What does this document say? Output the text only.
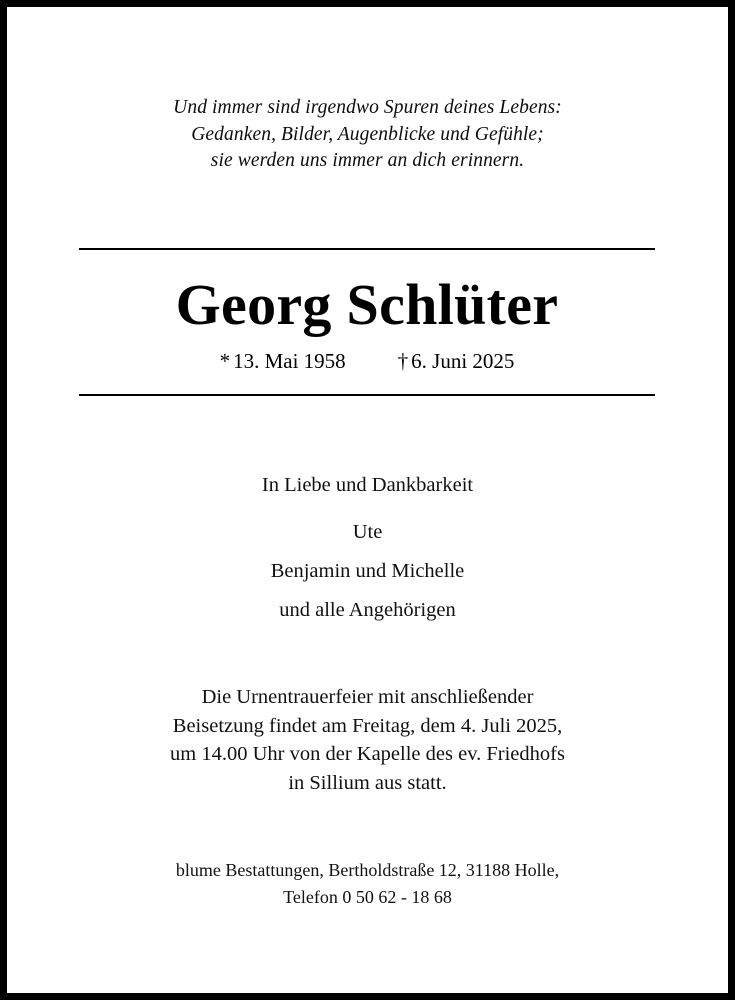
Und immer sind irgendwo Spuren deines Lebens:
Gedanken, Bilder, Augenblicke und Gefühle;
sie werden uns immer an dich erinnern.
Georg Schlüter
* 13. Mai 1958 † 6. Juni 2025
In Liebe und Dankbarkeit
Ute
Benjamin und Michelle
und alle Angehörigen
Die Urnentrauerfeier mit anschließender
Beisetzung findet am Freitag, dem 4. Juli 2025,
um 14.00 Uhr von der Kapelle des ev. Friedhofs
in Sillium aus statt.
blume Bestattungen, Bertholdstraße 12, 31188 Holle,
Telefon 0 50 62 - 18 68
